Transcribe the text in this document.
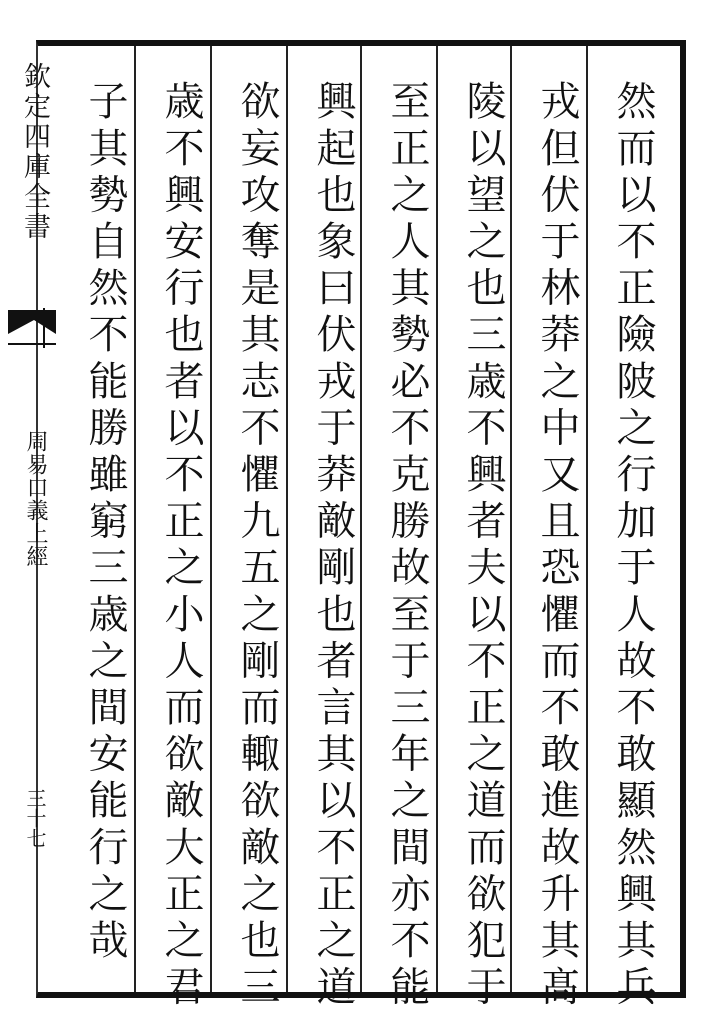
欽定四庫全書
周易口義上經
三十七	然而以不正險陂之行加于人故不敢顯然興其兵
戎但伏于林莽之中又且恐懼而不敢進故升其髙
陵以望之也三歳不興者夫以不正之道而欲犯于
至正之人其勢必不克勝故至于三年之間亦不能
興起也象曰伏戎于莽敵剛也者言其以不正之道
欲妄攻奪是其志不懼九五之剛而輙欲敵之也三
歳不興安行也者以不正之小人而欲敵大正之君
子其勢自然不能勝雖窮三歳之間安能行之哉
